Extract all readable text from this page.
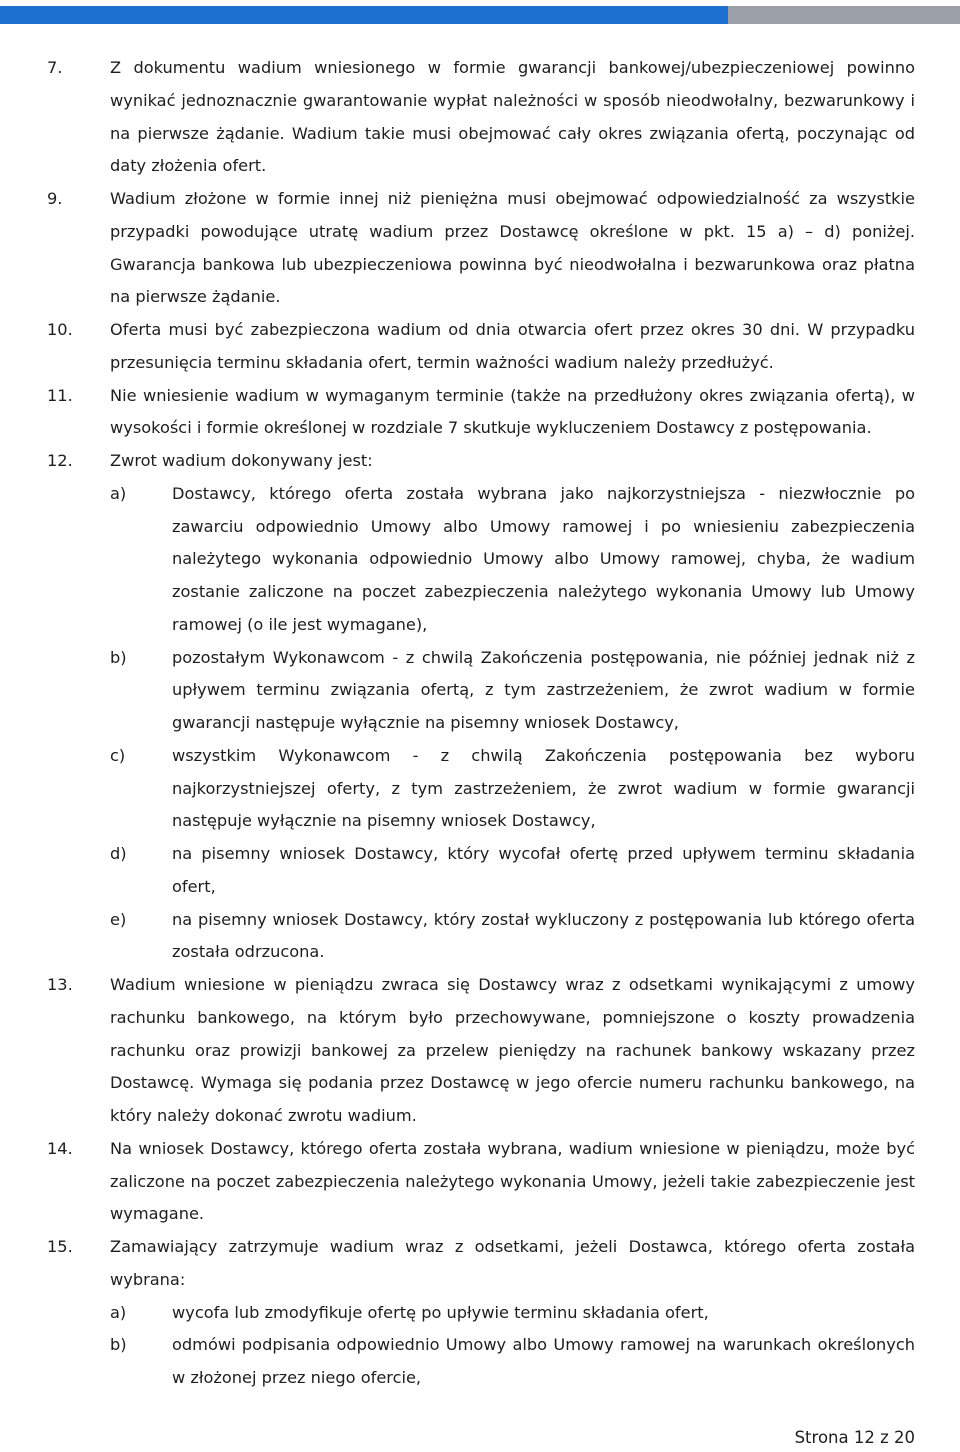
7.	Z dokumentu wadium wniesionego w formie gwarancji bankowej/ubezpieczeniowej powinno wynikać jednoznacznie gwarantowanie wypłat należności w sposób nieodwołalny, bezwarunkowy i na pierwsze żądanie. Wadium takie musi obejmować cały okres związania ofertą, poczynając od daty złożenia ofert.
9.	Wadium złożone w formie innej niż pieniężna musi obejmować odpowiedzialność za wszystkie przypadki powodujące utratę wadium przez Dostawcę określone w pkt. 15 a) – d) poniżej. Gwarancja bankowa lub ubezpieczeniowa powinna być nieodwołalna i bezwarunkowa oraz płatna na pierwsze żądanie.
10. Oferta musi być zabezpieczona wadium od dnia otwarcia ofert przez okres 30 dni. W przypadku przesunięcia terminu składania ofert, termin ważności wadium należy przedłużyć.
11. Nie wniesienie wadium w wymaganym terminie (także na przedłużony okres związania ofertą), w wysokości i formie określonej w rozdziale 7 skutkuje wykluczeniem Dostawcy z postępowania.
12. Zwrot wadium dokonywany jest:
a)	Dostawcy, którego oferta została wybrana jako najkorzystniejsza - niezwłocznie po zawarciu odpowiednio Umowy albo Umowy ramowej i po wniesieniu zabezpieczenia należytego wykonania odpowiednio Umowy albo Umowy ramowej, chyba, że wadium zostanie zaliczone na poczet zabezpieczenia należytego wykonania Umowy lub Umowy ramowej (o ile jest wymagane),
b)	pozostałym Wykonawcom - z chwilą Zakończenia postępowania, nie później jednak niż z upływem terminu związania ofertą, z tym zastrzeżeniem, że zwrot wadium w formie gwarancji następuje wyłącznie na pisemny wniosek Dostawcy,
c)	wszystkim Wykonawcom - z chwilą Zakończenia postępowania bez wyboru najkorzystniejszej oferty, z tym zastrzeżeniem, że zwrot wadium w formie gwarancji następuje wyłącznie na pisemny wniosek Dostawcy,
d)	na pisemny wniosek Dostawcy, który wycofał ofertę przed upływem terminu składania ofert,
e)	na pisemny wniosek Dostawcy, który został wykluczony z postępowania lub którego oferta została odrzucona.
13. Wadium wniesione w pieniądzu zwraca się Dostawcy wraz z odsetkami wynikającymi z umowy rachunku bankowego, na którym było przechowywane, pomniejszone o koszty prowadzenia rachunku oraz prowizji bankowej za przelew pieniędzy na rachunek bankowy wskazany przez Dostawcę. Wymaga się podania przez Dostawcę w jego ofercie numeru rachunku bankowego, na który należy dokonać zwrotu wadium.
14. Na wniosek Dostawcy, którego oferta została wybrana, wadium wniesione w pieniądzu, może być zaliczone na poczet zabezpieczenia należytego wykonania Umowy, jeżeli takie zabezpieczenie jest wymagane.
15. Zamawiający zatrzymuje wadium wraz z odsetkami, jeżeli Dostawca, którego oferta została wybrana:
a)	wycofa lub zmodyfikuje ofertę po upływie terminu składania ofert,
b)	odmówi podpisania odpowiednio Umowy albo Umowy ramowej na warunkach określonych w złożonej przez niego ofercie,
Strona 12 z 20
